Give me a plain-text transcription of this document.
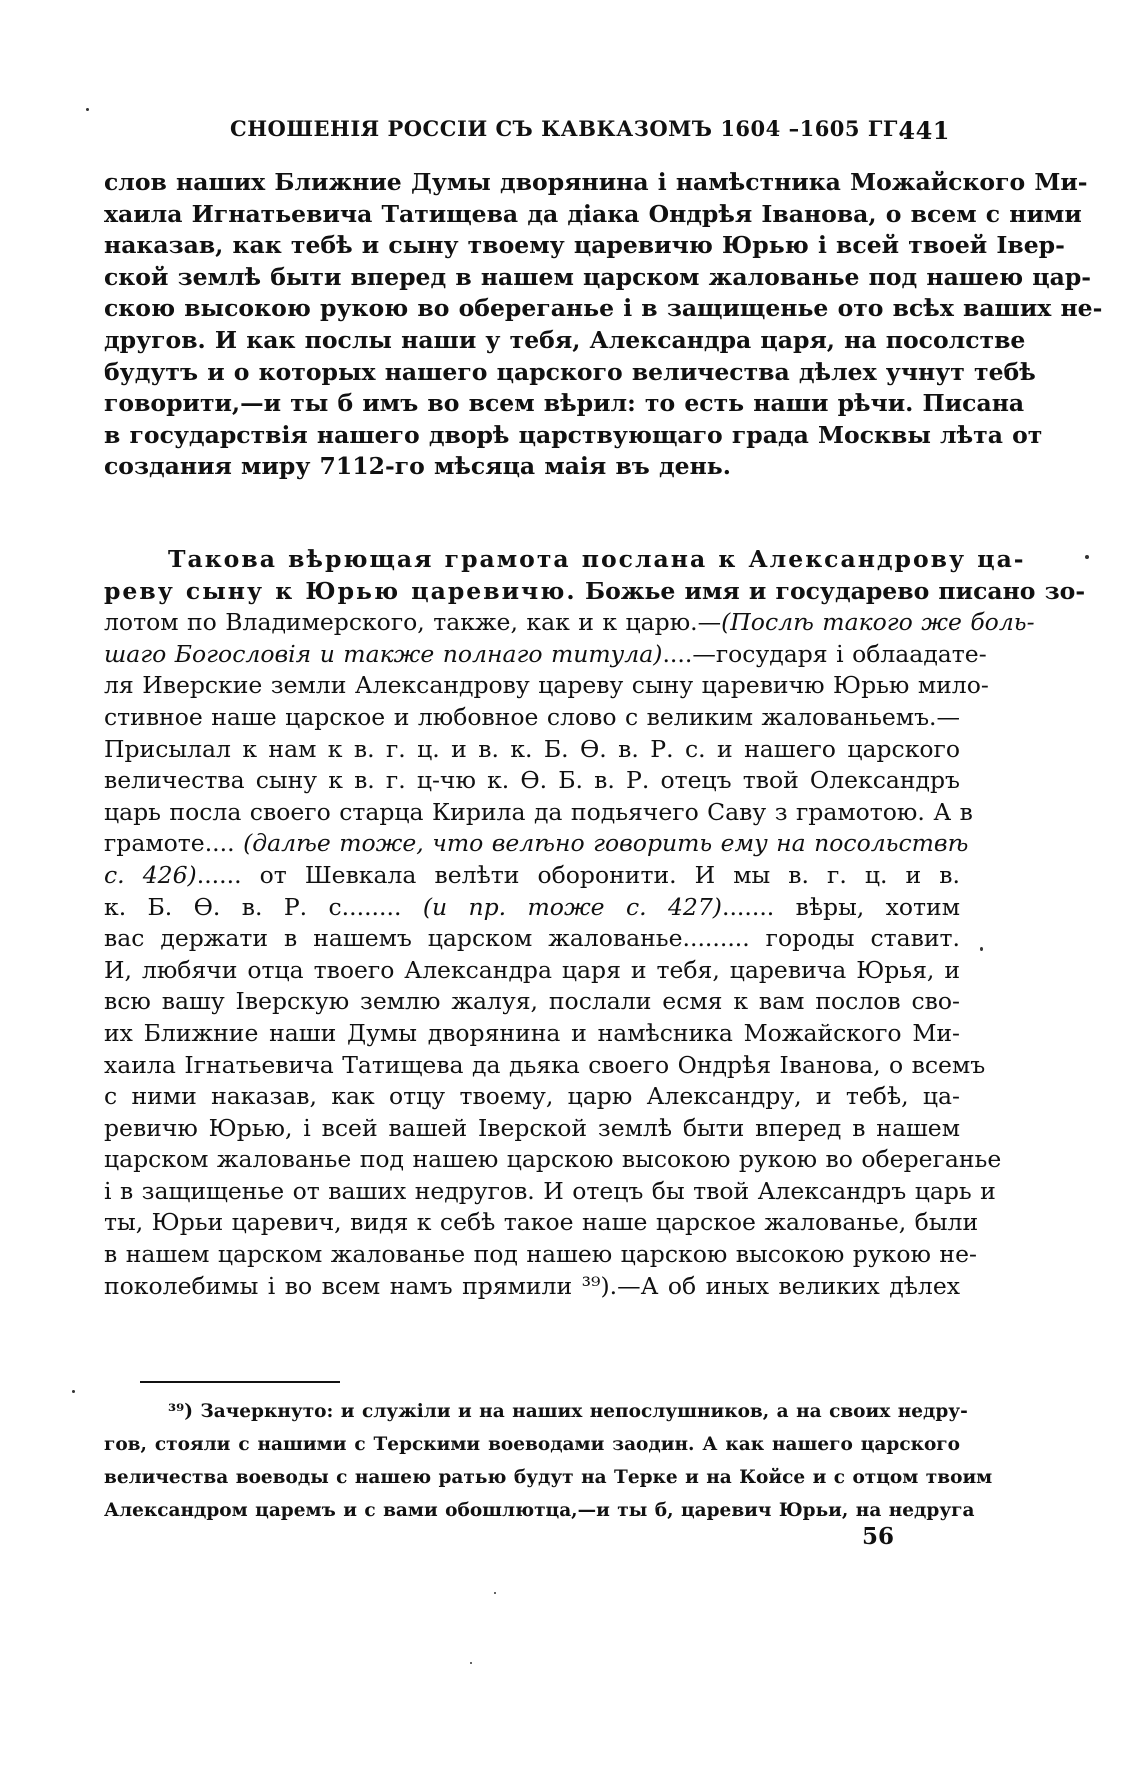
СНОШЕНІЯ РОССІИ СЪ КАВКАЗОМЪ 1604 –1605 ГГ.
441
слов наших Ближние Думы дворянина і намѣстника Можайского Ми-
хаила Игнатьевича Татищева да діака Ондрѣя Іванова, о всем с ними
наказав, как тебѣ и сыну твоему царевичю Юрью і всей твоей Івер-
ской землѣ быти вперед в нашем царском жалованье под нашею цар-
скою высокою рукою во обереганье і в защищенье ото всѣх ваших не-
другов. И как послы наши у тебя, Александра царя, на посолстве
будутъ и о которых нашего царского величества дѣлех учнут тебѣ
говорити,—и ты б имъ во всем вѣрил: то есть наши рѣчи. Писана
в государствія нашего дворѣ царствующаго града Москвы лѣта от
создания миру 7112-го мѣсяца маія въ день.
Такова вѣрющая грамота послана к Александрову ца-
реву сыну к Юрью царевичю. Божье имя и государево писано зо-
лотом по Владимерского, также, как и к царю.—(Послѣ такого же боль-
шаго Богословія и также полнаго титула)....—государя і облаадате-
ля Иверские земли Александрову цареву сыну царевичю Юрью мило-
стивное наше царское и любовное слово с великим жалованьемъ.—
Присылал к нам к в. г. ц. и в. к. Б. Ѳ. в. Р. с. и нашего царского
величества сыну к в. г. ц-чю к. Ѳ. Б. в. Р. отецъ твой Олександръ
царь посла своего старца Кирила да подьячего Саву з грамотою. А в
грамоте.... (далѣе тоже, что велѣно говорить ему на посольствѣ
с. 426)...... от Шевкала велѣти оборонити. И мы в. г. ц. и в.
к. Б. Ѳ. в. Р. с........ (и пр. тоже с. 427)....... вѣры, хотим
вас держати в нашемъ царском жалованье......... городы ставит.
И, любячи отца твоего Александра царя и тебя, царевича Юрья, и
всю вашу Іверскую землю жалуя, послали есмя к вам послов сво-
их Ближние наши Думы дворянина и намѣсника Можайского Ми-
хаила Ігнатьевича Татищева да дьяка своего Ондрѣя Іванова, о всемъ
с ними наказав, как отцу твоему, царю Александру, и тебѣ, ца-
ревичю Юрью, і всей вашей Іверской землѣ быти вперед в нашем
царском жалованье под нашею царскою высокою рукою во обереганье
і в защищенье от ваших недругов. И отецъ бы твой Александръ царь и
ты, Юрьи царевич, видя к себѣ такое наше царское жалованье, были
в нашем царском жалованье под нашею царскою высокою рукою не-
поколебимы і во всем намъ прямили ³⁹).—А об иных великих дѣлех
³⁹) Зачеркнуто: и служіли и на наших непослушников, а на своих недру-
гов, стояли с нашими с Терскими воеводами заодин. А как нашего царского
величества воеводы с нашею ратью будут на Терке и на Койсе и с отцом твоим
Александром царемъ и с вами обошлютца,—и ты б, царевич Юрьи, на недруга
56
